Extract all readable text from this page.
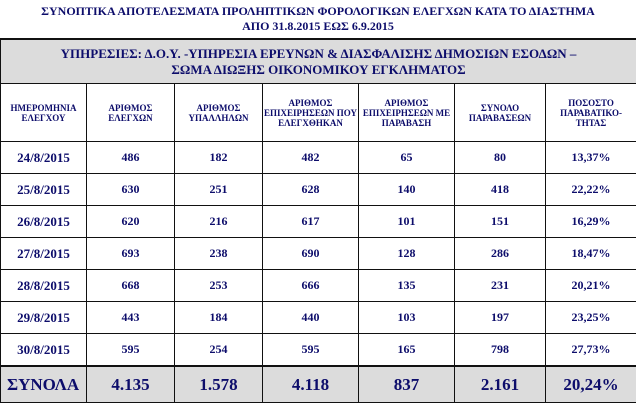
ΣΥΝΟΠΤΙΚΑ ΑΠΟΤΕΛΕΣΜΑΤΑ ΠΡΟΛΗΠΤΙΚΩΝ ΦΟΡΟΛΟΓΙΚΩΝ ΕΛΕΓΧΩΝ ΚΑΤΑ ΤΟ ΔΙΑΣΤΗΜΑ
ΑΠΟ 31.8.2015 ΕΩΣ 6.9.2015
ΥΠΗΡΕΣΙΕΣ: Δ.Ο.Υ. -ΥΠΗΡΕΣΙΑ ΕΡΕΥΝΩΝ & ΔΙΑΣΦΑΛΙΣΗΣ ΔΗΜΟΣΙΩΝ ΕΣΟΔΩΝ –
ΣΩΜΑ ΔΙΩΞΗΣ ΟΙΚΟΝΟΜΙΚΟΥ ΕΓΚΛΗΜΑΤΟΣ						

ΗΜΕΡΟΜΗΝΙΑ ΕΛΕΓΧΟΥ	ΑΡΙΘΜΟΣ ΕΛΕΓΧΩΝ	ΑΡΙΘΜΟΣ ΥΠΑΛΛΗΛΩΝ	ΑΡΙΘΜΟΣ ΕΠΙΧΕΙΡΗΣΕΩΝ ΠΟΥ ΕΛΕΓΧΘΗΚΑΝ	ΑΡΙΘΜΟΣ ΕΠΙΧΕΙΡΗΣΕΩΝ ΜΕ ΠΑΡΑΒΑΣΗ	ΣΥΝΟΛΟ ΠΑΡΑΒΑΣΕΩΝ	ΠΟΣΟΣΤΟ ΠΑΡΑΒΑΤΙΚΟ-ΤΗΤΑΣ
24/8/2015	486	182	482	65	80	13,37%
25/8/2015	630	251	628	140	418	22,22%
26/8/2015	620	216	617	101	151	16,29%
27/8/2015	693	238	690	128	286	18,47%
28/8/2015	668	253	666	135	231	20,21%
29/8/2015	443	184	440	103	197	23,25%
30/8/2015	595	254	595	165	798	27,73%
ΣΥΝΟΛΑ	4.135	1.578	4.118	837	2.161	20,24%
